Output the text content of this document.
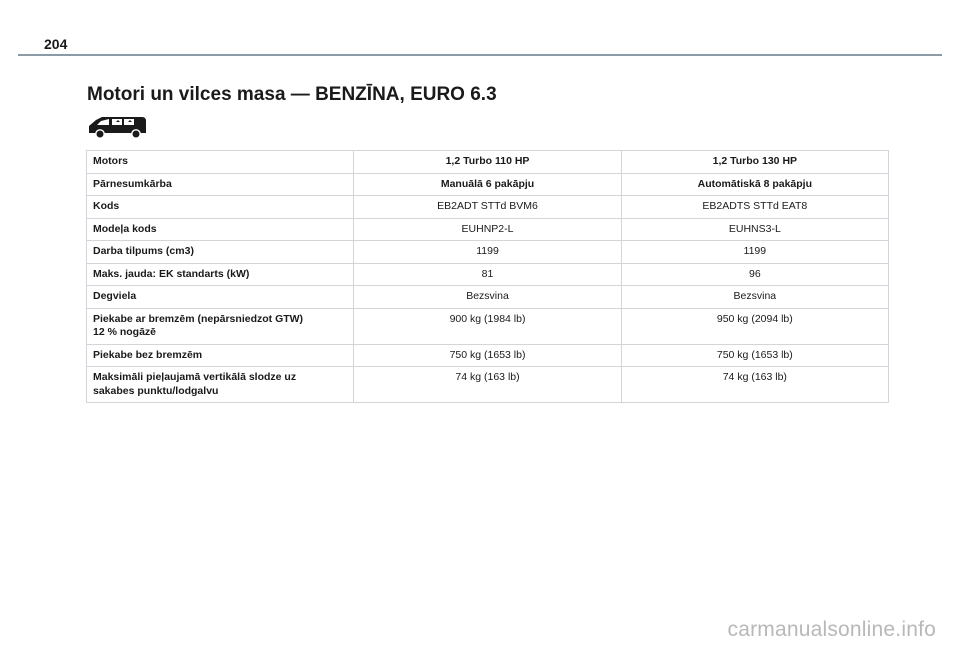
204
Motori un vilces masa — BENZĪNA, EURO 6.3
Motors	1,2 Turbo 110 HP	1,2 Turbo 130 HP
Pārnesumkārba	Manuālā 6 pakāpju	Automātiskā 8 pakāpju
Kods	EB2ADT STTd BVM6	EB2ADTS STTd EAT8
Modeļa kods	EUHNP2-L	EUHNS3-L
Darba tilpums (cm3)	1199	1199
Maks. jauda: EK standarts (kW)	81	96
Degviela	Bezsvina	Bezsvina
Piekabe ar bremzēm (nepārsniedzot GTW)
12 % nogāzē	900 kg (1984 lb)	950 kg (2094 lb)
Piekabe bez bremzēm	750 kg (1653 lb)	750 kg (1653 lb)
Maksimāli pieļaujamā vertikālā slodze uz
sakabes punktu/lodgalvu	74 kg (163 lb)	74 kg (163 lb)
carmanualsonline.info
